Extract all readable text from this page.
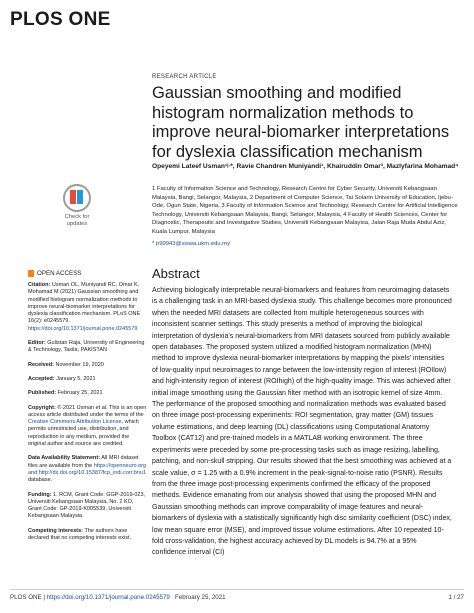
PLOS ONE
Check for
updates
OPEN ACCESS
Citation: Usman OL, Muniyandi RC, Omar K, Mohamad M (2021) Gaussian smoothing and modified histogram normalization methods to improve neural-biomarker interpretations for dyslexia classification mechanism. PLoS ONE 16(2): e0245579. https://doi.org/10.1371/journal.pone.0245579
Editor: Gulistan Raja, University of Engineering & Technology, Taxila, PAKISTAN
Received: November 19, 2020
Accepted: January 5, 2021
Published: February 25, 2021
Copyright: © 2021 Usman et al. This is an open access article distributed under the terms of the Creative Commons Attribution License, which permits unrestricted use, distribution, and reproduction in any medium, provided the original author and source are credited.
Data Availability Statement: All MRI dataset files are available from the https://openneuro.org and http://dx.doi.org/10.15387/fcp_indi.corr.bnu1 database.
Funding: 1. RCM, Grant Code: GGP-2019-023, Universiti Kebangsaan Malaysia, No. 2 KO, Grant Code: GP-2019-K005539, Universiti Kebangsaan Malaysia.
Competing interests: The authors have declared that no competing interests exist.
RESEARCH ARTICLE
Gaussian smoothing and modified histogram normalization methods to improve neural-biomarker interpretations for dyslexia classification mechanism
Opeyemi Lateef Usman¹ʲ∙*, Ravie Chandren Muniyandi¹, Khairuddin Omar³, Mazlyfarina Mohamad⁴

1 Faculty of Information Science and Technology, Research Centre for Cyber Security, Universiti Kebangsaan Malaysia, Bangi, Selangor, Malaysia, 2 Department of Computer Science, Tai Solarin University of Education, Ijebu-Ode, Ogun State, Nigeria, 3 Faculty of Information Science and Technology, Research Centre for Artificial Intelligence Technology, Universiti Kebangsaan Malaysia, Bangi, Selangor, Malaysia, 4 Faculty of Health Sciences, Center for Diagnostic, Therapeutic and Investigative Studies, Universiti Kebangsaan Malaysia, Jalan Raja Muda Abdul Aziz, Kuala Lumpur, Malaysia

* p99943@siswa.ukm.edu.my
Abstract

Achieving biologically interpretable neural-biomarkers and features from neuroimaging datasets is a challenging task in an MRI-based dyslexia study. This challenge becomes more pronounced when the needed MRI datasets are collected from multiple heterogeneous sources with inconsistent scanner settings. This study presents a method of improving the biological interpretation of dyslexia's neural-biomarkers from MRI datasets sourced from publicly available open databases. The proposed system utilized a modified histogram normalization (MHN) method to improve dyslexia neural-biomarker interpretations by mapping the pixels' intensities of low-quality input neuroimages to range between the low-intensity region of interest (ROIlow) and high-intensity region of interest (ROIhigh) of the high-quality image. This was achieved after initial image smoothing using the Gaussian filter method with an isotropic kernel of size 4mm. The performance of the proposed smoothing and normalization methods was evaluated based on three image post-processing experiments: ROI segmentation, gray matter (GM) tissues volume estimations, and deep learning (DL) classifications using Computational Anatomy Toolbox (CAT12) and pre-trained models in a MATLAB working environment. The three experiments were preceded by some pre-processing tasks such as image resizing, labelling, patching, and non-skull stripping. Our results showed that the best smoothing was achieved at a scale value, σ = 1.25 with a 0.9% increment in the peak-signal-to-noise ratio (PSNR). Results from the three image post-processing experiments confirmed the efficacy of the proposed methods. Evidence emanating from our analysis showed that using the proposed MHN and Gaussian smoothing methods can improve comparability of image features and neural-biomarkers of dyslexia with a statistically significantly high disc similarity coefficient (DSC) index, low mean square error (MSE), and improved tissue volume estimations. After 10 repeated 10-fold cross-validation, the highest accuracy achieved by DL models is 94.7% at a 95% confidence interval (CI)

PLOS ONE | https://doi.org/10.1371/journal.pone.0245579 February 25, 2021	1 / 27
